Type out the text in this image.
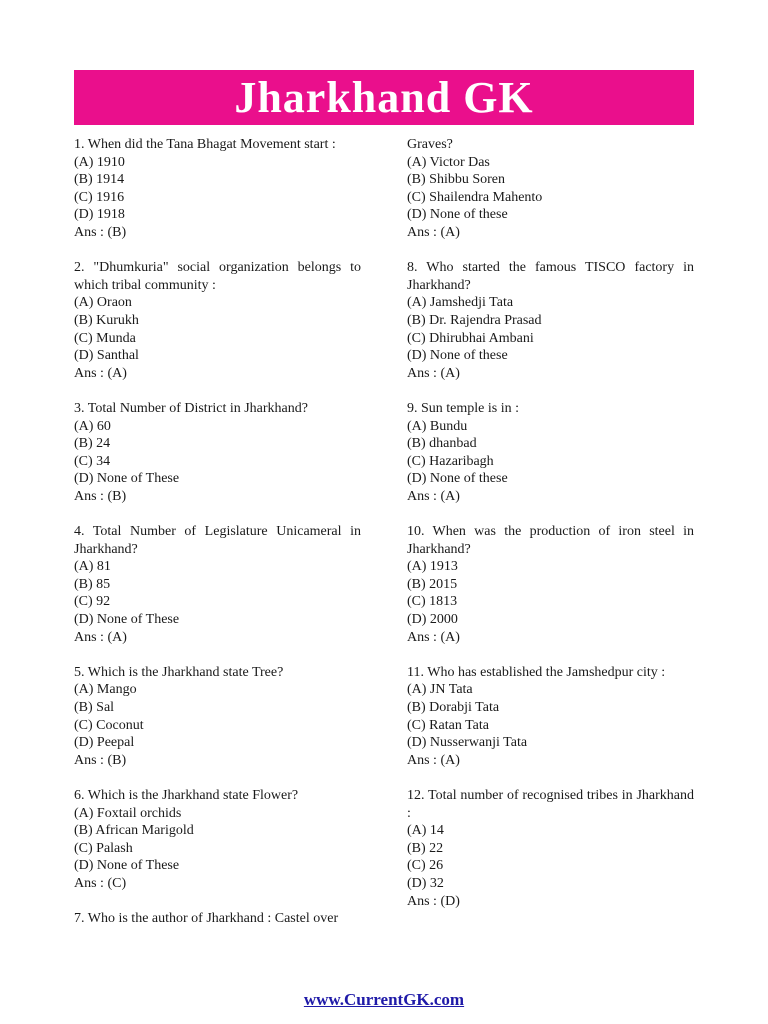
Jharkhand GK
1. When did the Tana Bhagat Movement start :
(A) 1910
(B) 1914
(C) 1916
(D) 1918
Ans : (B)
2. "Dhumkuria" social organization belongs to which tribal community :
(A) Oraon
(B) Kurukh
(C) Munda
(D) Santhal
Ans : (A)
3. Total Number of District in Jharkhand?
(A) 60
(B) 24
(C) 34
(D) None of These
Ans : (B)
4. Total Number of Legislature Unicameral in Jharkhand?
(A) 81
(B) 85
(C) 92
(D) None of These
Ans : (A)
5. Which is the Jharkhand state Tree?
(A) Mango
(B) Sal
(C) Coconut
(D) Peepal
Ans : (B)
6. Which is the Jharkhand state Flower?
(A) Foxtail orchids
(B) African Marigold
(C) Palash
(D) None of These
Ans : (C)
7. Who is the author of Jharkhand : Castel over
Graves?
(A) Victor Das
(B) Shibbu Soren
(C) Shailendra Mahento
(D) None of these
Ans : (A)
8. Who started the famous TISCO factory in Jharkhand?
(A) Jamshedji Tata
(B) Dr. Rajendra Prasad
(C) Dhirubhai Ambani
(D) None of these
Ans : (A)
9. Sun temple is in :
(A) Bundu
(B) dhanbad
(C) Hazaribagh
(D) None of these
Ans : (A)
10. When was the production of iron steel in Jharkhand?
(A) 1913
(B) 2015
(C) 1813
(D) 2000
Ans : (A)
11. Who has established the Jamshedpur city :
(A) JN Tata
(B) Dorabji Tata
(C) Ratan Tata
(D) Nusserwanji Tata
Ans : (A)
12. Total number of recognised tribes in Jharkhand :
(A) 14
(B) 22
(C) 26
(D) 32
Ans : (D)
www.CurrentGK.com
